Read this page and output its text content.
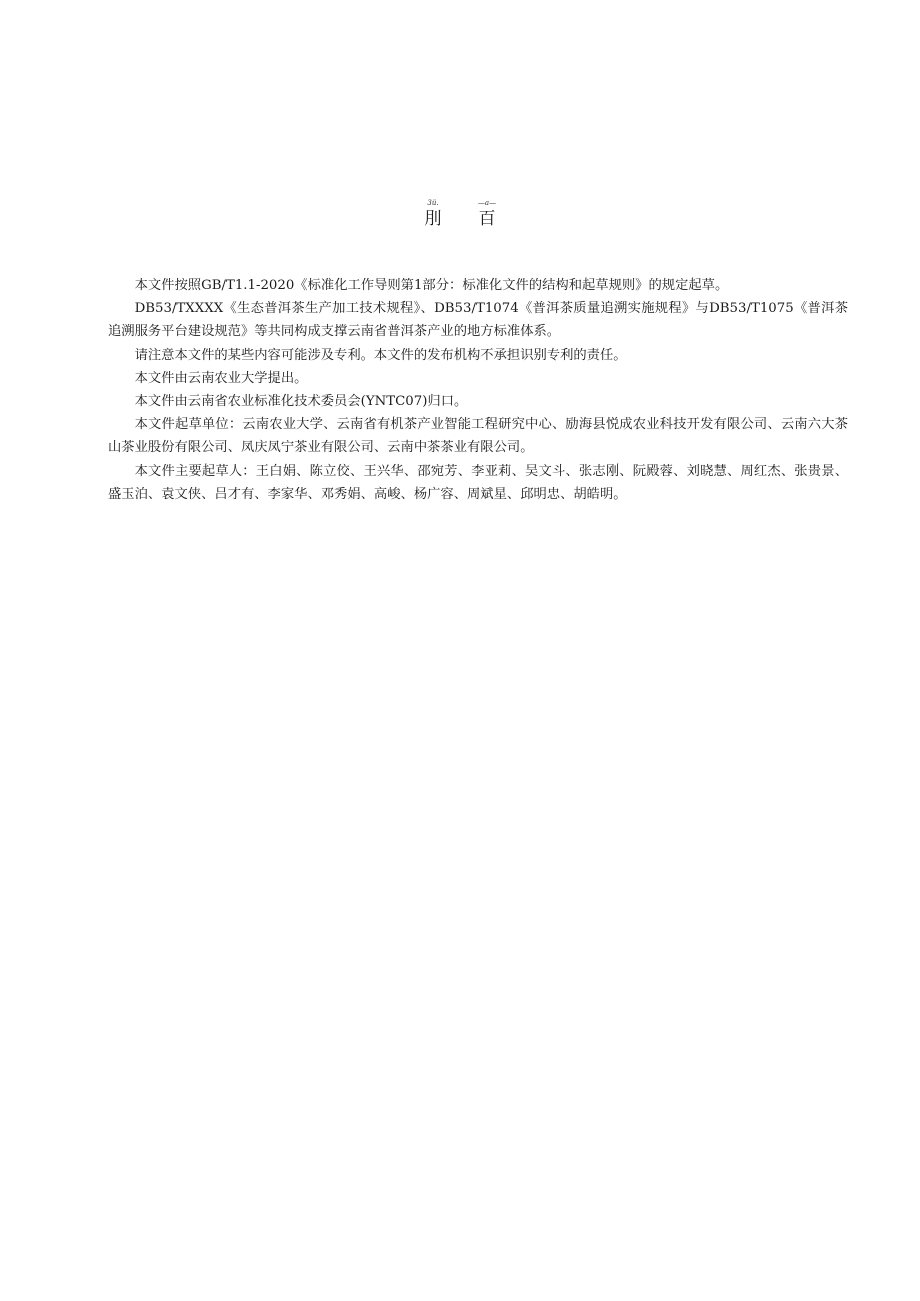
3ü.	—a—
刖	百

本文件按照GB/T1.1-2020《标准化工作导则第1部分：标准化文件的结构和起草规则》的规定起草。

DB53∕TXXXX《生态普洱茶生产加工技术规程》、DB53/T1074《普洱茶质量追溯实施规程》与DB53/T1075《普洱茶追溯服务平台建设规范》等共同构成支撑云南省普洱茶产业的地方标准体系。

请注意本文件的某些内容可能涉及专利。本文件的发布机构不承担识别专利的责任。

本文件由云南农业大学提出。

本文件由云南省农业标准化技术委员会(YNTC07)归口。

本文件起草单位：云南农业大学、云南省有机茶产业智能工程研究中心、励海县悦成农业科技开发有限公司、云南六大茶山茶业股份有限公司、凤庆凤宁茶业有限公司、云南中茶茶业有限公司。

本文件主要起草人：王白娟、陈立佼、王兴华、邵宛芳、李亚莉、吴文斗、张志刚、阮殿蓉、刘晓慧、周红杰、张贵景、盛玉泊、袁文侠、吕才有、李家华、邓秀娟、高峻、杨广容、周斌星、邱明忠、胡皓明。
